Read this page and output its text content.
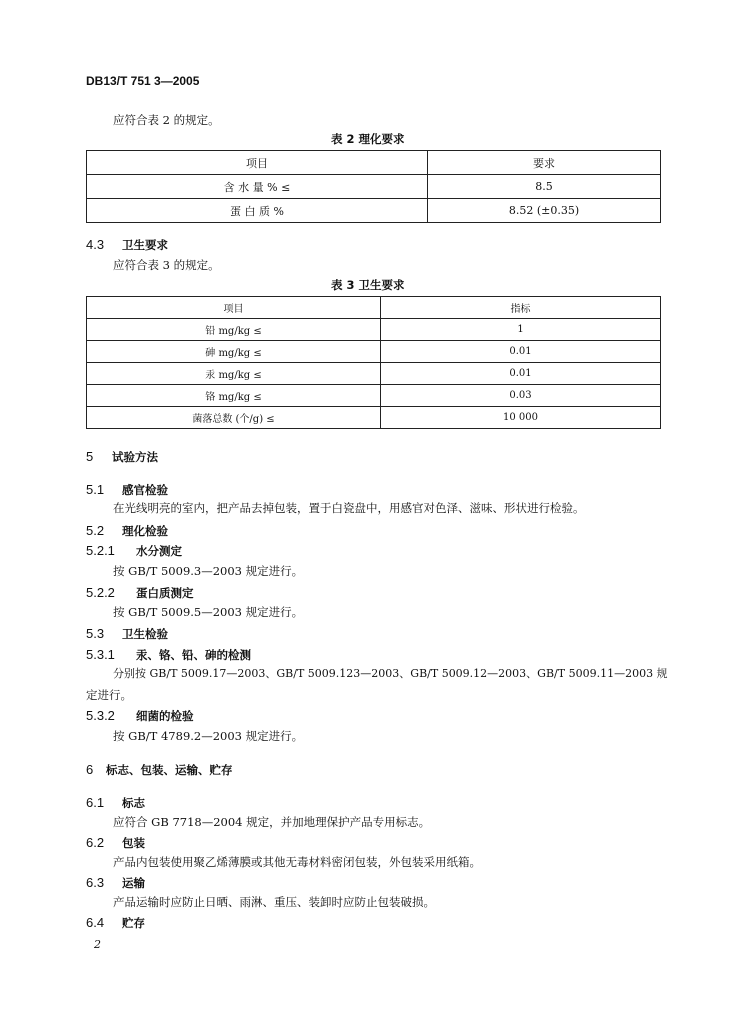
DB13/T 751 3—2005
应符合表 2 的规定。
表 2 理化要求
项目	要求
含 水 量 % ≤	8.5
蛋 白 质 %	8.52 (±0.35)
4.3 卫生要求
应符合表 3 的规定。
表 3 卫生要求
项目	指标
铅 mg/kg ≤	1
砷 mg/kg ≤	0.01
汞 mg/kg ≤	0.01
铬 mg/kg ≤	0.03
菌落总数 (个/g) ≤	10 000
5 试验方法
5.1 感官检验
在光线明亮的室内，把产品去掉包装，置于白瓷盘中，用感官对色泽、滋味、形状进行检验。
5.2 理化检验
5.2.1 水分测定
按 GB/T 5009.3—2003 规定进行。
5.2.2 蛋白质测定
按 GB/T 5009.5—2003 规定进行。
5.3 卫生检验
5.3.1 汞、铬、铅、砷的检测
分别按 GB/T 5009.17—2003、GB/T 5009.123—2003、GB/T 5009.12—2003、GB/T 5009.11—2003 规
定进行。
5.3.2 细菌的检验
按 GB/T 4789.2—2003 规定进行。
6 标志、包装、运输、贮存
6.1 标志
应符合 GB 7718—2004 规定，并加地理保护产品专用标志。
6.2 包装
产品内包装使用聚乙烯薄膜或其他无毒材料密闭包装，外包装采用纸箱。
6.3 运输
产品运输时应防止日晒、雨淋、重压、装卸时应防止包装破损。
6.4 贮存
2
